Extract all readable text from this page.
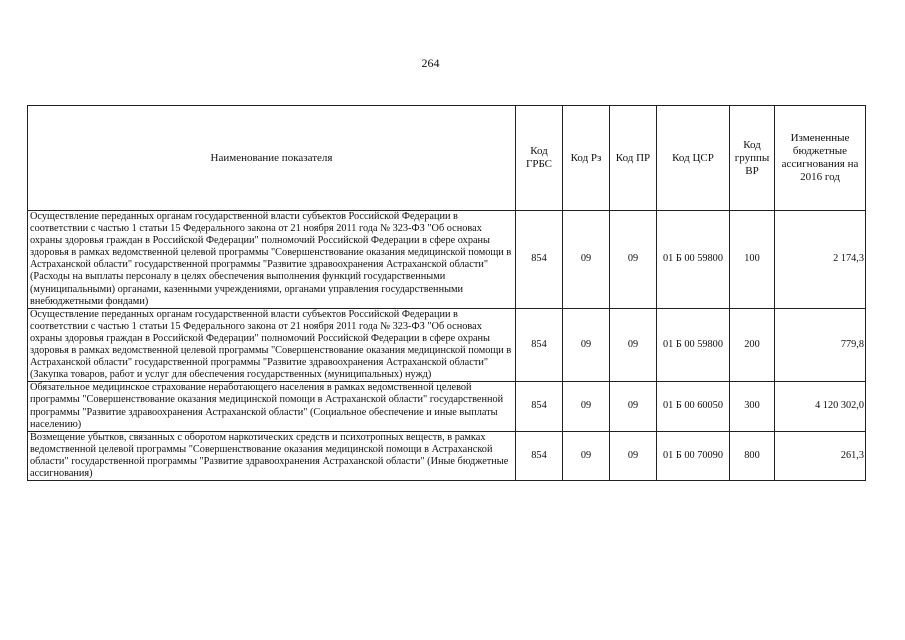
264
Наименование показателя	Код ГРБС	Код Рз	Код ПР	Код ЦСР	Код группы ВР	Измененные бюджетные ассигнования на 2016 год
Осуществление переданных органам государственной власти субъектов Российской Федерации в соответствии с частью 1 статьи 15 Федерального закона от 21 ноября 2011 года № 323-ФЗ "Об основах охраны здоровья граждан в Российской Федерации" полномочий Российской Федерации в сфере охраны здоровья в рамках ведомственной целевой программы "Совершенствование оказания медицинской помощи в Астраханской области" государственной программы "Развитие здравоохранения Астраханской области" (Расходы на выплаты персоналу в целях обеспечения выполнения функций государственными (муниципальными) органами, казенными учреждениями, органами управления государственными внебюджетными фондами)	854	09	09	01 Б 00 59800	100	2 174,3
Осуществление переданных органам государственной власти субъектов Российской Федерации в соответствии с частью 1 статьи 15 Федерального закона от 21 ноября 2011 года № 323-ФЗ "Об основах охраны здоровья граждан в Российской Федерации" полномочий Российской Федерации в сфере охраны здоровья в рамках ведомственной целевой программы "Совершенствование оказания медицинской помощи в Астраханской области" государственной программы "Развитие здравоохранения Астраханской области" (Закупка товаров, работ и услуг для обеспечения государственных (муниципальных) нужд)	854	09	09	01 Б 00 59800	200	779,8
Обязательное медицинское страхование неработающего населения в рамках ведомственной целевой программы "Совершенствование оказания медицинской помощи в Астраханской области" государственной программы "Развитие здравоохранения Астраханской области" (Социальное обеспечение и иные выплаты населению)	854	09	09	01 Б 00 60050	300	4 120 302,0
Возмещение убытков, связанных с оборотом наркотических средств и психотропных веществ, в рамках ведомственной целевой программы "Совершенствование оказания медицинской помощи в Астраханской области" государственной программы "Развитие здравоохранения Астраханской области" (Иные бюджетные ассигнования)	854	09	09	01 Б 00 70090	800	261,3
